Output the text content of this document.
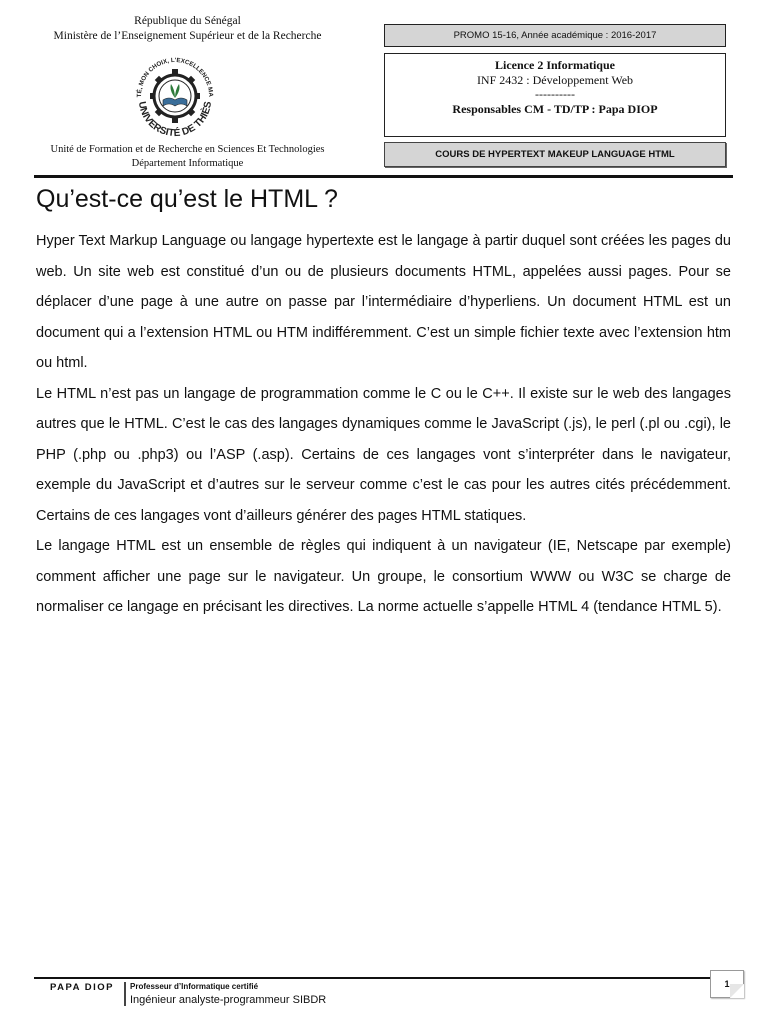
République du Sénégal
Ministère de l’Enseignement Supérieur et de la Recherche
TÉ, MON CHOIX, L'EXCELLENCE MA
UNIVERSITÉ DE THIÈS
Unité de Formation et de Recherche en Sciences Et Technologies
Département Informatique
PROMO 15-16, Année académique : 2016-2017
Licence 2 Informatique
INF 2432 : Développement Web
----------
Responsables CM - TD/TP : Papa DIOP
COURS DE HYPERTEXT MAKEUP LANGUAGE HTML
Qu’est-ce qu’est le HTML ?

Hyper Text Markup Language ou langage hypertexte est le langage à partir duquel sont créées les pages du web. Un site web est constitué d’un ou de plusieurs documents HTML, appelées aussi pages. Pour se déplacer d’une page à une autre on passe par l’intermédiaire d’hyperliens. Un document HTML est un document qui a l’extension HTML ou HTM indifféremment. C’est un simple fichier texte avec l’extension htm ou html.

Le HTML n’est pas un langage de programmation comme le C ou le C++. Il existe sur le web des langages autres que le HTML. C’est le cas des langages dynamiques comme le JavaScript (.js), le perl (.pl ou .cgi), le PHP (.php ou .php3) ou l’ASP (.asp). Certains de ces langages vont s’interpréter dans le navigateur, exemple du JavaScript et d’autres sur le serveur comme c’est le cas pour les autres cités précédemment. Certains de ces langages vont d’ailleurs générer des pages HTML statiques.

Le langage HTML est un ensemble de règles qui indiquent à un navigateur (IE, Netscape par exemple) comment afficher une page sur le navigateur. Un groupe, le consortium WWW ou W3C se charge de normaliser ce langage en précisant les directives. La norme actuelle s’appelle HTML 4 (tendance HTML 5).

PAPA DIOP Professeur d’Informatique certifié
Ingénieur analyste-programmeur SIBDR
1
